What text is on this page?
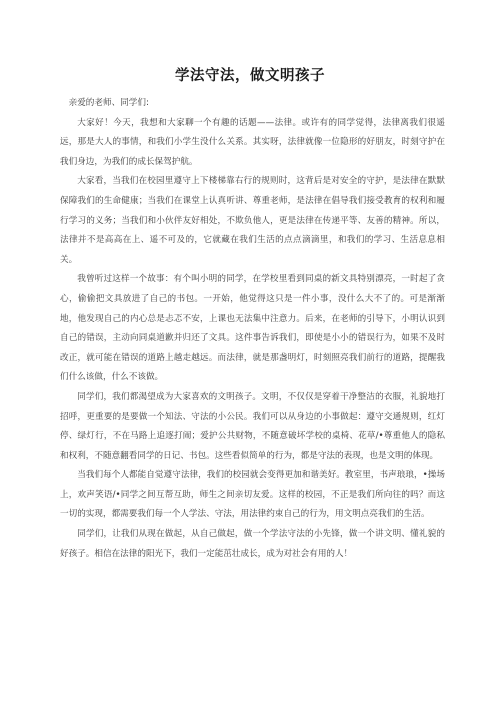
学法守法，做文明孩子

亲爱的老师、同学们:

大家好！今天，我想和大家聊一个有趣的话题——法律。或许有的同学觉得，法律离我们很遥远，那是大人的事情，和我们小学生没什么关系。其实呀，法律就像一位隐形的好朋友，时刻守护在我们身边，为我们的成长保驾护航。

大家看，当我们在校园里遵守上下楼梯靠右行的规则时，这背后是对安全的守护，是法律在默默保障我们的生命健康；当我们在课堂上认真听讲、尊重老师，是法律在倡导我们接受教育的权利和履行学习的义务；当我们和小伙伴友好相处，不欺负他人，更是法律在传递平等、友善的精神。所以，法律并不是高高在上、遥不可及的，它就藏在我们生活的点点滴滴里，和我们的学习、生活息息相关。

我曾听过这样一个故事：有个叫小明的同学，在学校里看到同桌的新文具特别漂亮，一时起了贪心，偷偷把文具放进了自己的书包。一开始，他觉得这只是一件小事，没什么大不了的。可是渐渐地，他发现自己的内心总是忐忑不安，上课也无法集中注意力。后来，在老师的引导下，小明认识到自己的错误，主动向同桌道歉并归还了文具。这件事告诉我们，即使是小小的错误行为，如果不及时改正，就可能在错误的道路上越走越远。而法律，就是那盏明灯，时刻照亮我们前行的道路，提醒我们什么该做，什么不该做。

同学们，我们都渴望成为大家喜欢的文明孩子。文明，不仅仅是穿着干净整洁的衣服，礼貌地打招呼，更重要的是要做一个知法、守法的小公民。我们可以从身边的小事做起：遵守交通规则，红灯停、绿灯行，不在马路上追逐打闹；爱护公共财物，不随意破坏学校的桌椅、花草/•尊重他人的隐私和权利，不随意翻看同学的日记、书包。这些看似简单的行为，都是守法的表现，也是文明的体现。

当我们每个人都能自觉遵守法律，我们的校园就会变得更加和谐美好。教室里，书声琅琅，•操场上，欢声笑语/•同学之间互帮互助，师生之间亲切友爱。这样的校园，不正是我们所向往的吗？而这一切的实现，都需要我们每一个人学法、守法，用法律约束自己的行为，用文明点亮我们的生活。

同学们，让我们从现在做起，从自己做起，做一个学法守法的小先锋，做一个讲文明、懂礼貌的好孩子。相信在法律的阳光下，我们一定能茁壮成长，成为对社会有用的人！
